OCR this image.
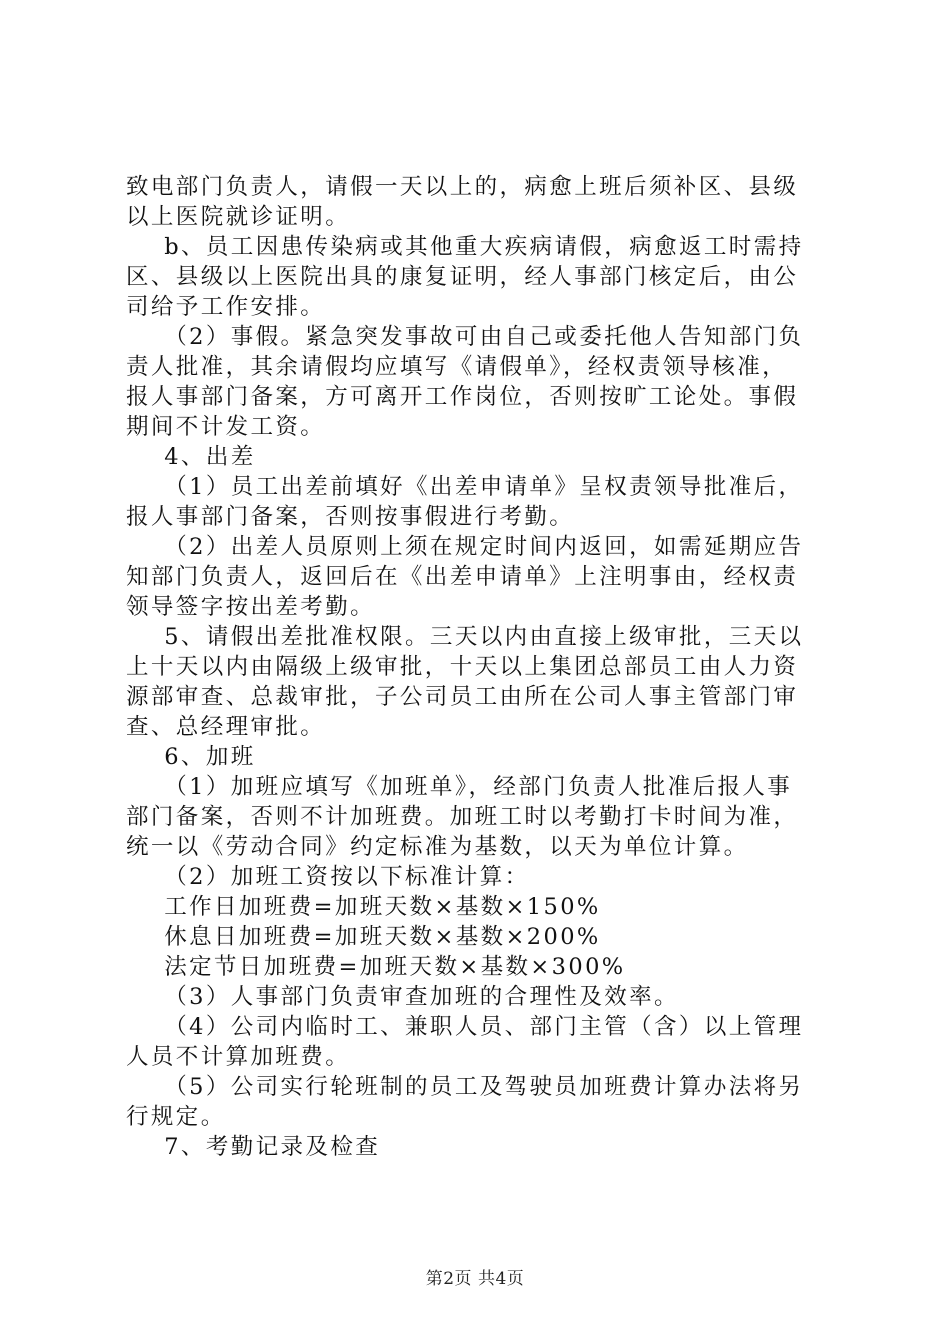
致电部门负责人，请假一天以上的，病愈上班后须补区、县级
以上医院就诊证明。
b、员工因患传染病或其他重大疾病请假，病愈返工时需持
区、县级以上医院出具的康复证明，经人事部门核定后，由公
司给予工作安排。
（2）事假。紧急突发事故可由自己或委托他人告知部门负
责人批准，其余请假均应填写《请假单》，经权责领导核准，
报人事部门备案，方可离开工作岗位，否则按旷工论处。事假
期间不计发工资。
4、出差
（1）员工出差前填好《出差申请单》呈权责领导批准后，
报人事部门备案，否则按事假进行考勤。
（2）出差人员原则上须在规定时间内返回，如需延期应告
知部门负责人，返回后在《出差申请单》上注明事由，经权责
领导签字按出差考勤。
5、请假出差批准权限。三天以内由直接上级审批，三天以
上十天以内由隔级上级审批，十天以上集团总部员工由人力资
源部审查、总裁审批，子公司员工由所在公司人事主管部门审
查、总经理审批。
6、加班
（1）加班应填写《加班单》，经部门负责人批准后报人事
部门备案，否则不计加班费。加班工时以考勤打卡时间为准，
统一以《劳动合同》约定标准为基数，以天为单位计算。
（2）加班工资按以下标准计算：
工作日加班费=加班天数×基数×150%
休息日加班费=加班天数×基数×200%
法定节日加班费=加班天数×基数×300%
（3）人事部门负责审查加班的合理性及效率。
（4）公司内临时工、兼职人员、部门主管（含）以上管理
人员不计算加班费。
（5）公司实行轮班制的员工及驾驶员加班费计算办法将另
行规定。
7、考勤记录及检查
第2页 共4页
